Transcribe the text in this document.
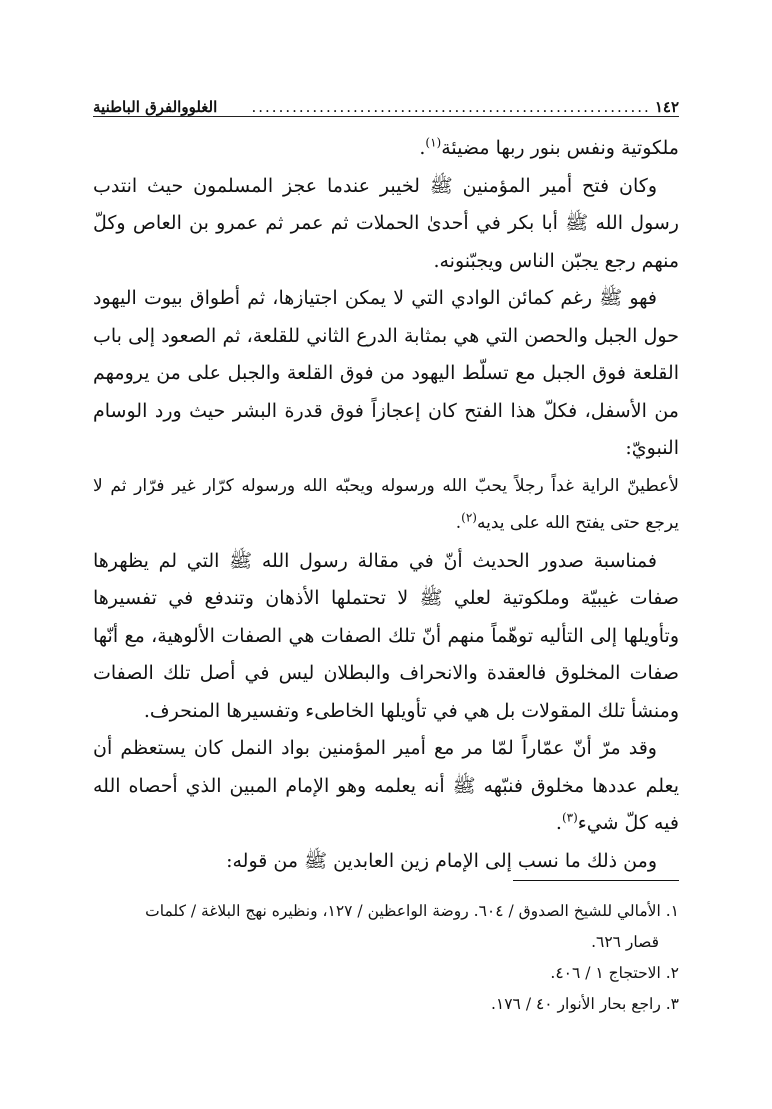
١٤٢
...........................................................
الغلووالفرق الباطنية

ملكوتية ونفس بنور ربها مضيئة$^{(١)}$.

وكان فتح أمير المؤمنين ﷺ لخيبر عندما عجز المسلمون حيث انتدب رسول الله ﷺ أبا بكر في أحدىٰ الحملات ثم عمر ثم عمرو بن العاص وكلّ منهم رجع يجبّن الناس ويجبّنونه.

فهو ﷺ رغم كمائن الوادي التي لا يمكن اجتيازها، ثم أطواق بيوت اليهود حول الجبل والحصن التي هي بمثابة الدرع الثاني للقلعة، ثم الصعود إلى باب القلعة فوق الجبل مع تسلّط اليهود من فوق القلعة والجبل على من يرومهم من الأسفل، فكلّ هذا الفتح كان إعجازاً فوق قدرة البشر حيث ورد الوسام النبويّ:

لأعطينّ الراية غداً رجلاً يحبّ الله ورسوله ويحبّه الله ورسوله كرّار غير فرّار ثم لا يرجع حتى يفتح الله على يديه$^{(٢)}$.

فمناسبة صدور الحديث أنّ في مقالة رسول الله ﷺ التي لم يظهرها صفات غيبيّة وملكوتية لعلي ﷺ لا تحتملها الأذهان وتندفع في تفسيرها وتأويلها إلى التأليه توهّماً منهم أنّ تلك الصفات هي الصفات الألوهية، مع أنّها صفات المخلوق فالعقدة والانحراف والبطلان ليس في أصل تلك الصفات ومنشأ تلك المقولات بل هي في تأويلها الخاطىء وتفسيرها المنحرف.

وقد مرّ أنّ عمّاراً لمّا مر مع أمير المؤمنين بواد النمل كان يستعظم أن يعلم عددها مخلوق فنبّهه ﷺ أنه يعلمه وهو الإمام المبين الذي أحصاه الله فيه كلّ شيء$^{(٣)}$.

ومن ذلك ما نسب إلى الإمام زين العابدين ﷺ من قوله:

١. الأمالي للشيخ الصدوق / ٦٠٤. روضة الواعظين / ١٢٧، ونظيره نهج البلاغة / كلمات

قصار ٦٢٦.

٢. الاحتجاج ١ / ٤٠٦.

٣. راجع بحار الأنوار ٤٠ / ١٧٦.
